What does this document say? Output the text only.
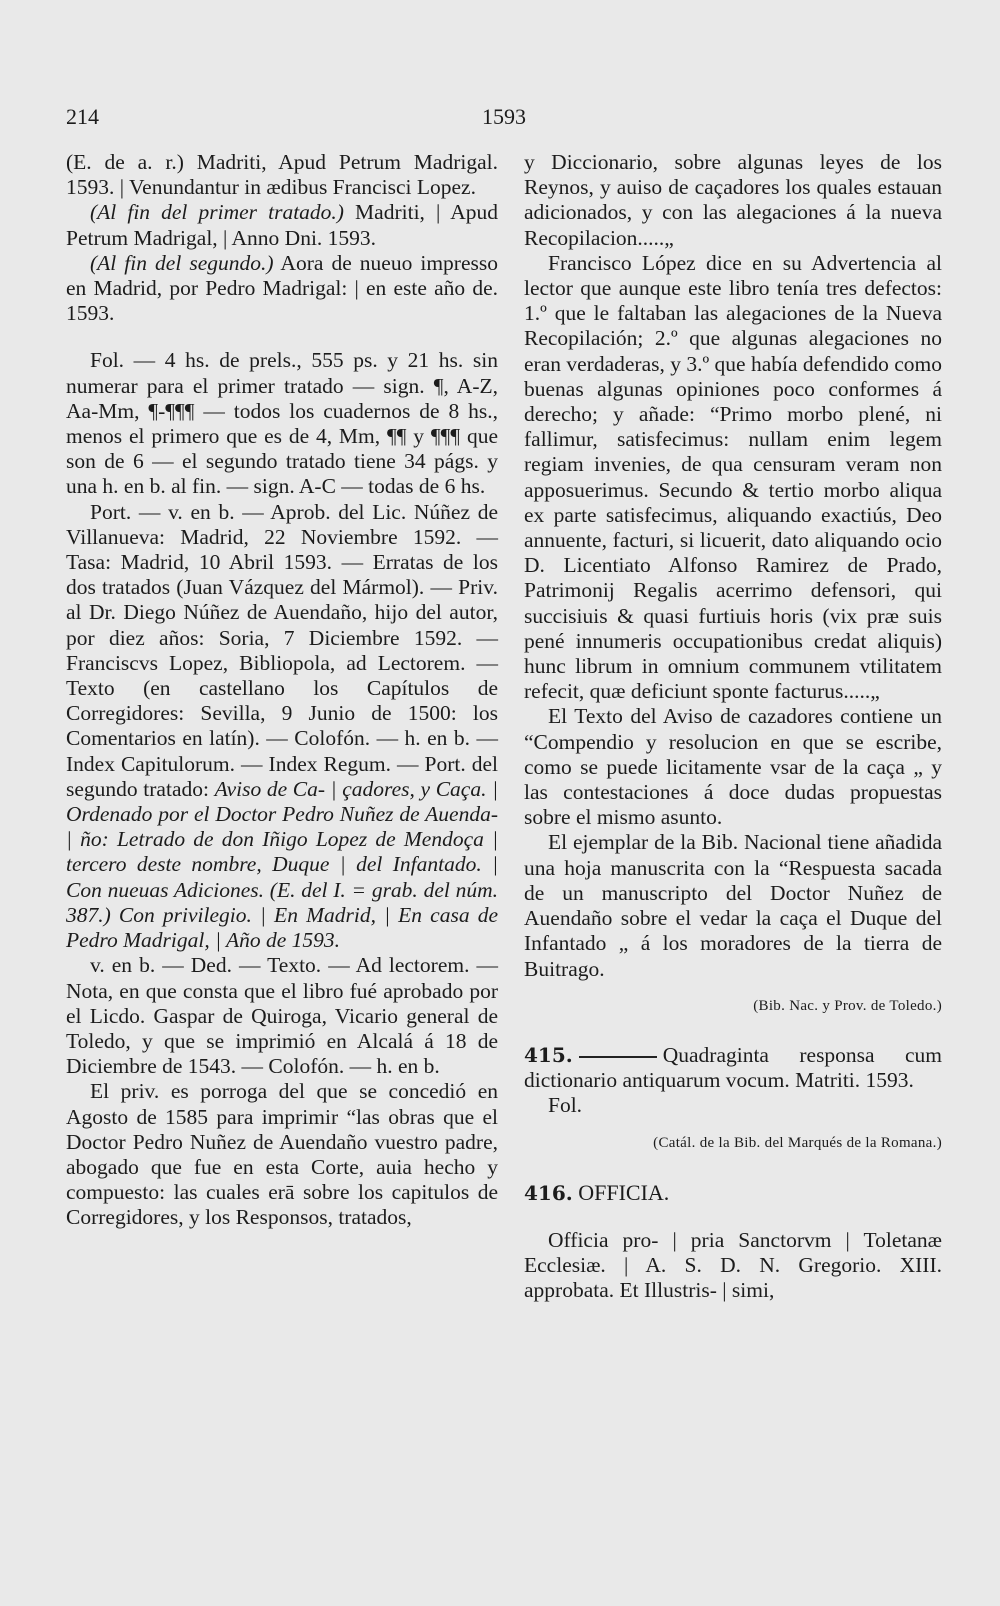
214	1593

(E. de a. r.) Madriti, Apud Petrum Madrigal. 1593. | Venundantur in ædibus Francisci Lopez.

(Al fin del primer tratado.) Madriti, | Apud Petrum Madrigal, | Anno Dni. 1593.

(Al fin del segundo.) Aora de nueuo impresso en Madrid, por Pedro Madrigal: | en este año de. 1593.

Fol. — 4 hs. de prels., 555 ps. y 21 hs. sin numerar para el primer tratado — sign. ¶, A-Z, Aa-Mm, ¶-¶¶¶ — todos los cuadernos de 8 hs., menos el primero que es de 4, Mm, ¶¶ y ¶¶¶ que son de 6 — el segundo tratado tiene 34 págs. y una h. en b. al fin. — sign. A-C — todas de 6 hs.

Port. — v. en b. — Aprob. del Lic. Núñez de Villanueva: Madrid, 22 Noviembre 1592. — Tasa: Madrid, 10 Abril 1593. — Erratas de los dos tratados (Juan Vázquez del Mármol). — Priv. al Dr. Diego Núñez de Auendaño, hijo del autor, por diez años: Soria, 7 Diciembre 1592. — Franciscvs Lopez, Bibliopola, ad Lectorem. — Texto (en castellano los Capítulos de Corregidores: Sevilla, 9 Junio de 1500: los Comentarios en latín). — Colofón. — h. en b. — Index Capitulorum. — Index Regum. — Port. del segundo tratado: Aviso de Ca- | çadores, y Caça. | Ordenado por el Doctor Pedro Nuñez de Auenda- | ño: Letrado de don Iñigo Lopez de Mendoça | tercero deste nombre, Duque | del Infantado. | Con nueuas Adiciones. (E. del I. = grab. del núm. 387.) Con privilegio. | En Madrid, | En casa de Pedro Madrigal, | Año de 1593.

v. en b. — Ded. — Texto. — Ad lectorem. — Nota, en que consta que el libro fué aprobado por el Licdo. Gaspar de Quiroga, Vicario general de Toledo, y que se imprimió en Alcalá á 18 de Diciembre de 1543. — Colofón. — h. en b.

El priv. es porroga del que se concedió en Agosto de 1585 para imprimir “las obras que el Doctor Pedro Nuñez de Auendaño vuestro padre, abogado que fue en esta Corte, auia hecho y compuesto: las cuales erā sobre los capitulos de Corregidores, y los Responsos, tratados,

y Diccionario, sobre algunas leyes de los Reynos, y auiso de caçadores los quales estauan adicionados, y con las alegaciones á la nueva Recopilacion.....„

Francisco López dice en su Advertencia al lector que aunque este libro tenía tres defectos: 1.º que le faltaban las alegaciones de la Nueva Recopilación; 2.º que algunas alegaciones no eran verdaderas, y 3.º que había defendido como buenas algunas opiniones poco conformes á derecho; y añade: “Primo morbo plené, ni fallimur, satisfecimus: nullam enim legem regiam invenies, de qua censuram veram non apposuerimus. Secundo & tertio morbo aliqua ex parte satisfecimus, aliquando exactiús, Deo annuente, facturi, si licuerit, dato aliquando ocio D. Licentiato Alfonso Ramirez de Prado, Patrimonij Regalis acerrimo defensori, qui succisiuis & quasi furtiuis horis (vix præ suis pené innumeris occupationibus credat aliquis) hunc librum in omnium communem vtilitatem refecit, quæ deficiunt sponte facturus.....„

El Texto del Aviso de cazadores contiene un “Compendio y resolucion en que se escribe, como se puede licitamente vsar de la caça „ y las contestaciones á doce dudas propuestas sobre el mismo asunto.

El ejemplar de la Bib. Nacional tiene añadida una hoja manuscrita con la “Respuesta sacada de un manuscripto del Doctor Nuñez de Auendaño sobre el vedar la caça el Duque del Infantado „ á los moradores de la tierra de Buitrago.

(Bib. Nac. y Prov. de Toledo.)

415.	Quadraginta responsa cum dictionario antiquarum vocum. Matriti. 1593.

Fol.

(Catál. de la Bib. del Marqués de la Romana.)

416. OFFICIA.

Officia pro- | pria Sanctorvm | Toletanæ Ecclesiæ. | A. S. D. N. Gregorio. XIII. approbata. Et Illustris- | simi,
